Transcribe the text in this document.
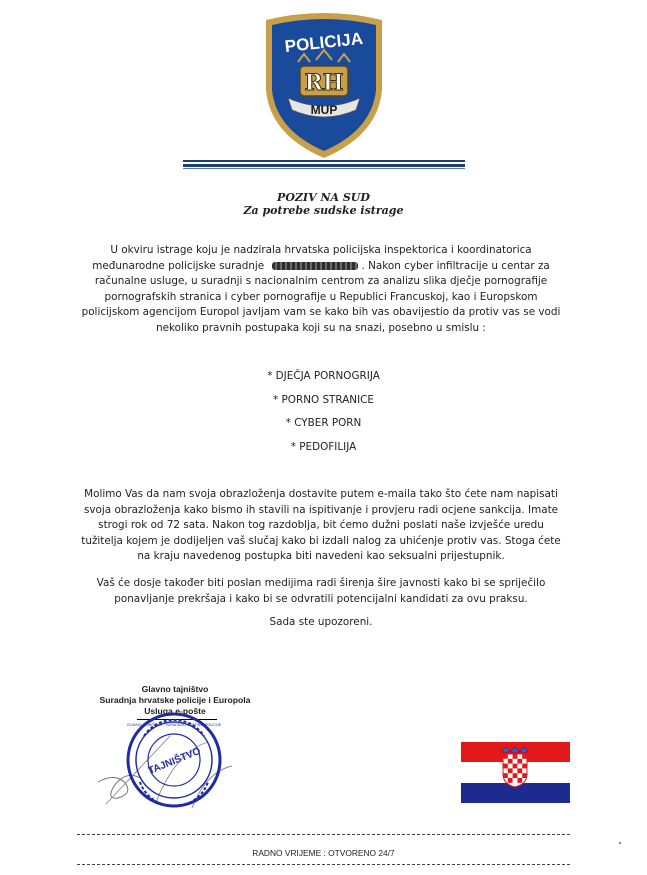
POLICIJA
RH
MUP
POZIV NA SUD
Za potrebe sudske istrage
U okviru istrage koju je nadzirala hrvatska policijska inspektorica i koordinatorica međunarodne policijske suradnje	. Nakon cyber infiltracije u centar za računalne usluge, u suradnji s nacionalnim centrom za analizu slika dječje pornografije pornografskih stranica i cyber pornografije u Republici Francuskoj, kao i Europskom policijskom agencijom Europol javljam vam se kako bih vas obavijestio da protiv vas se vodi nekoliko pravnih postupaka koji su na snazi, posebno u smislu :
* DJEČJA PORNOGRIJA
* PORNO STRANICE
* CYBER PORN
* PEDOFILIJA
Molimo Vas da nam svoja obrazloženja dostavite putem e-maila tako što ćete nam napisati svoja obrazloženja kako bismo ih stavili na ispitivanje i provjeru radi ocjene sankcija. Imate strogi rok od 72 sata. Nakon tog razdoblja, bit ćemo dužni poslati naše izvješće uredu tužitelja kojem je dodijeljen vaš slučaj kako bi izdali nalog za uhićenje protiv vas. Stoga ćete na kraju navedenog postupka biti navedeni kao seksualni prijestupnik.
Vaš će dosje također biti poslan medijima radi širenja šire javnosti kako bi se spriječilo ponavljanje prekršaja i kako bi se odvratili potencijalni kandidati za ovu praksu.
Sada ste upozoreni.
Glavno tajništvo
Suradnja hrvatske policije i Europola
Usluga e-pošte
TAJNIŠTVO
GLAVNO TAJNIŠTVO · SURADNJA HRVATSKE POLICIJE
RADNO VRIJEME : OTVORENO 24/7
